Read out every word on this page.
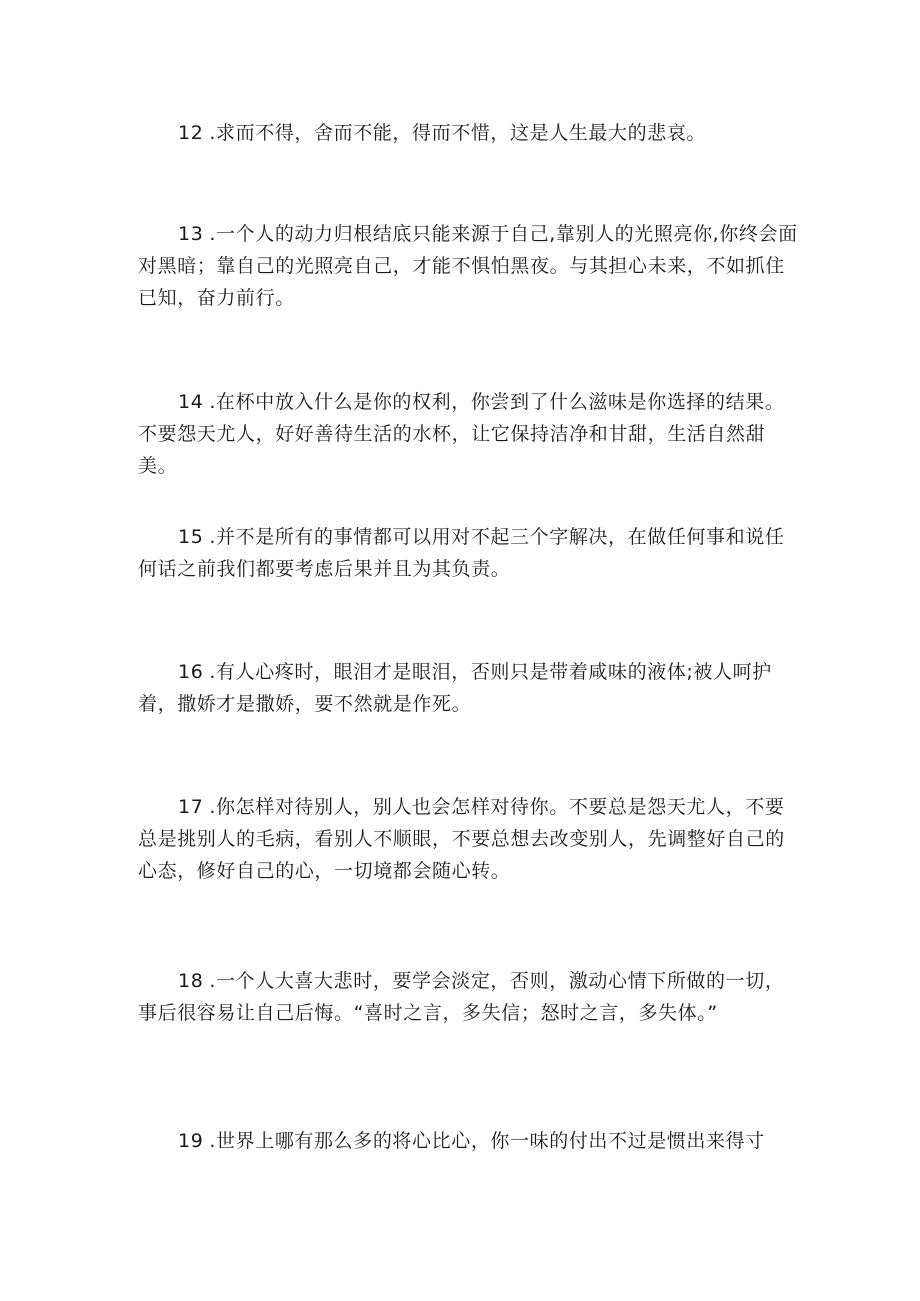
12 .求而不得，舍而不能，得而不惜，这是人生最大的悲哀。

13 .一个人的动力归根结底只能来源于自己,靠别人的光照亮你,你终会面对黑暗；靠自己的光照亮自己，才能不惧怕黑夜。与其担心未来，不如抓住已知，奋力前行。

14 .在杯中放入什么是你的权利，你尝到了什么滋味是你选择的结果。不要怨天尤人，好好善待生活的水杯，让它保持洁净和甘甜，生活自然甜美。

15 .并不是所有的事情都可以用对不起三个字解决，在做任何事和说任何话之前我们都要考虑后果并且为其负责。

16 .有人心疼时，眼泪才是眼泪，否则只是带着咸味的液体;被人呵护着，撒娇才是撒娇，要不然就是作死。

17 .你怎样对待别人，别人也会怎样对待你。不要总是怨天尤人，不要总是挑别人的毛病，看别人不顺眼，不要总想去改变别人，先调整好自己的心态，修好自己的心，一切境都会随心转。

18 .一个人大喜大悲时，要学会淡定，否则，激动心情下所做的一切，事后很容易让自己后悔。“喜时之言，多失信；怒时之言，多失体。”

19 .世界上哪有那么多的将心比心，你一味的付出不过是惯出来得寸
